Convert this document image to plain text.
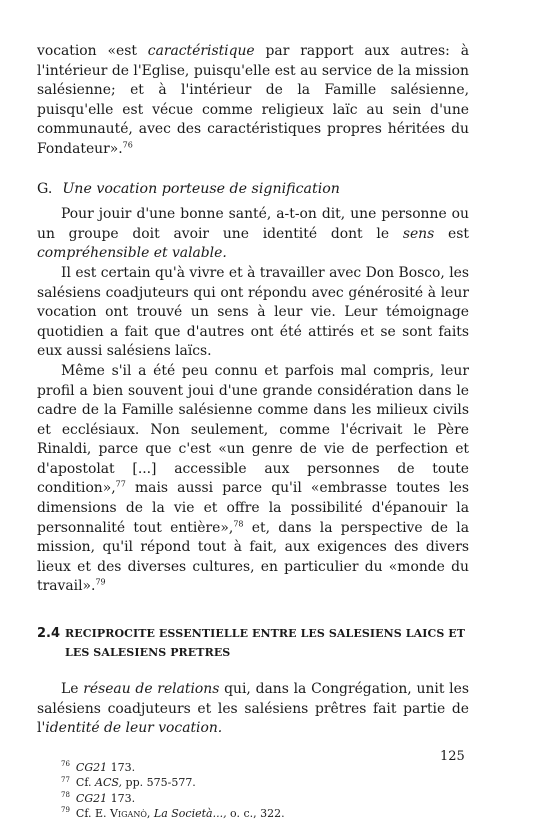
vocation «est caractéristique par rapport aux autres: à l'intérieur de l'Eglise, puisqu'elle est au service de la mission salésienne; et à l'intérieur de la Famille salésienne, puisqu'elle est vécue comme religieux laïc au sein d'une communauté, avec des caractéristiques propres héritées du Fondateur».$^{76}$

G. Une vocation porteuse de signification

Pour jouir d'une bonne santé, a-t-on dit, une personne ou un groupe doit avoir une identité dont le sens est compréhensible et valable.

Il est certain qu'à vivre et à travailler avec Don Bosco, les salésiens coadjuteurs qui ont répondu avec générosité à leur vocation ont trouvé un sens à leur vie. Leur témoignage quotidien a fait que d'autres ont été attirés et se sont faits eux aussi salésiens laïcs.

Même s'il a été peu connu et parfois mal compris, leur profil a bien souvent joui d'une grande considération dans le cadre de la Famille salésienne comme dans les milieux civils et ecclésiaux. Non seulement, comme l'écrivait le Père Rinaldi, parce que c'est «un genre de vie de perfection et d'apostolat [...] accessible aux personnes de toute condition»,$^{77}$ mais aussi parce qu'il «embrasse toutes les dimensions de la vie et offre la possibilité d'épanouir la personnalité tout entière»,$^{78}$ et, dans la perspective de la mission, qu'il répond tout à fait, aux exigences des divers lieux et des diverses cultures, en particulier du «monde du travail».$^{79}$

2.4 RECIPROCITE ESSENTIELLE ENTRE LES SALESIENS LAICS ET LES SALESIENS PRETRES

Le réseau de relations qui, dans la Congrégation, unit les salésiens coadjuteurs et les salésiens prêtres fait partie de l'identité de leur vocation.

$^{76}$ CG21 173.
$^{77}$ Cf. ACS, pp. 575-577.
$^{78}$ CG21 173.
$^{79}$ Cf. E. Viganò, La Società..., o. c., 322.
125
